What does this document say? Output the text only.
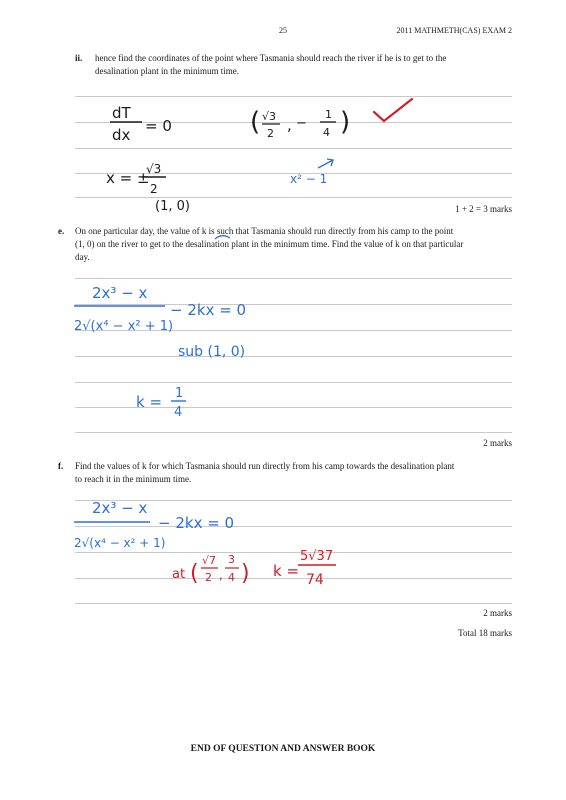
25	2011 MATHMETH(CAS) EXAM 2
ii. hence find the coordinates of the point where Tasmania should reach the river if he is to get to the
desalination plant in the minimum time.
1 + 2 = 3 marks
e. On one particular day, the value of k is such that Tasmania should run directly from his camp to the point
(1, 0) on the river to get to the desalination plant in the minimum time. Find the value of k on that particular
day.
2 marks
f. Find the values of k for which Tasmania should run directly from his camp towards the desalination plant
to reach it in the minimum time.
2 marks
Total 18 marks
END OF QUESTION AND ANSWER BOOK
dT
dx = 0	( √3
2 , −
1
4 )
x = ±
√3
2
(1, 0)
x² − 1
2x³ − x
2√(x⁴ − x² + 1)
− 2kx = 0
sub (1, 0)
k = 1
4
2x³ − x
2√(x⁴ − x² + 1)
− 2kx = 0
at (
√7
2 ,
3
4 ) k =
5√37
74
